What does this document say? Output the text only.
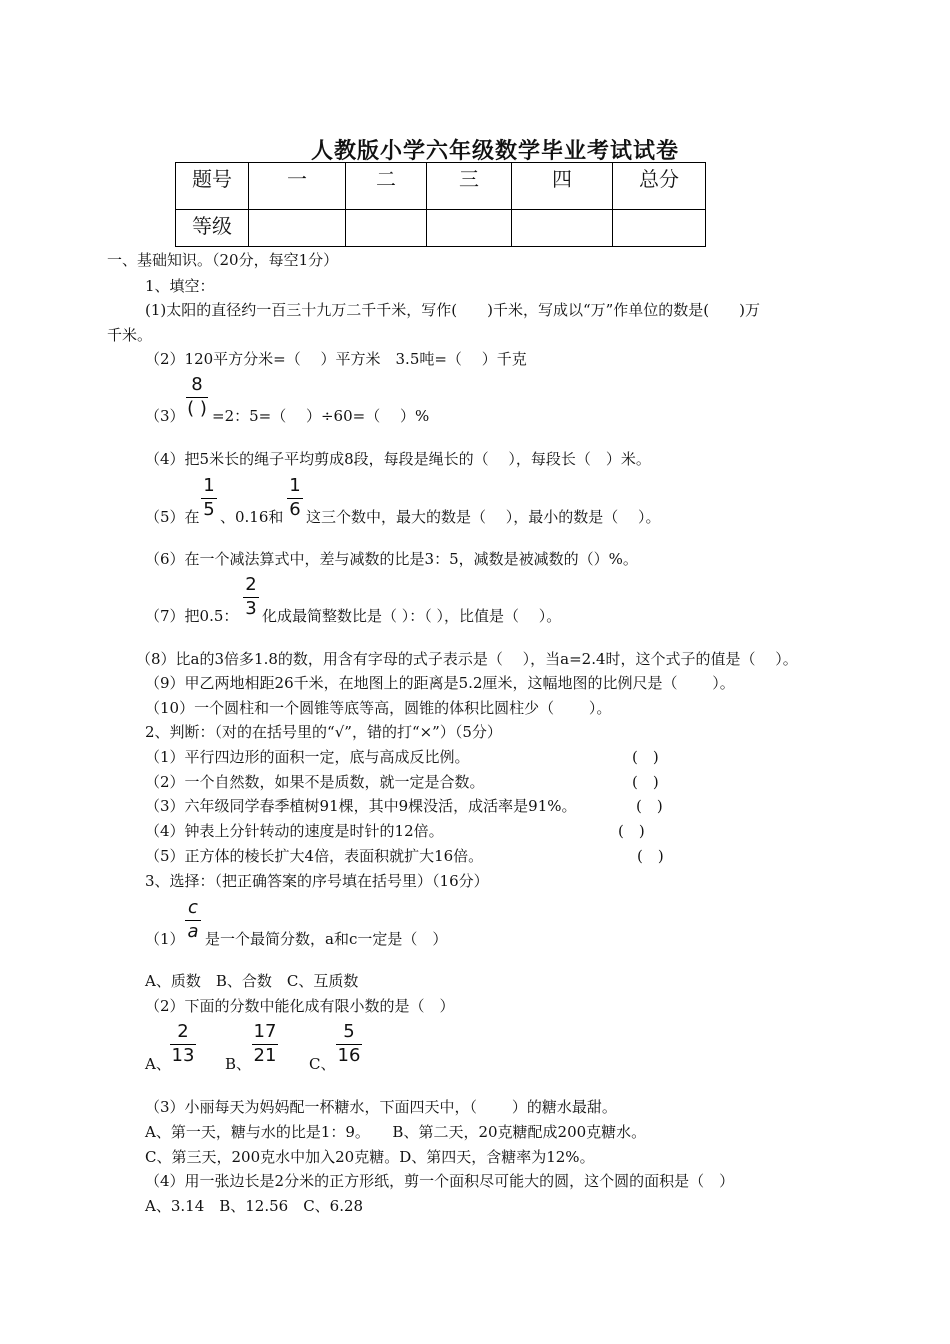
人教版小学六年级数学毕业考试试卷
题号	一	二	三	四	总分
等级					
一、基础知识。（20分，每空1分）
1、填空：
(1)太阳的直径约一百三十九万二千千米，写作(　　)千米，写成以“万”作单位的数是(　　)万
千米。
（2）120平方分米=（　 ）平方米　3.5吨=（　 ）千克
（3）
8
( ) =2：5=（　 ）÷60=（　 ）%
（4）把5米长的绳子平均剪成8段，每段是绳长的（　 ），每段长（　）米。
（5）在
1
5 、0.16和
1
6 这三个数中，最大的数是（　 ），最小的数是（　 ）。
（6）在一个减法算式中，差与减数的比是3：5，减数是被减数的（）%。
（7）把0.5：
2
3 化成最简整数比是（ ）：（ ），比值是（　 ）。
（8）比a的3倍多1.8的数，用含有字母的式子表示是（　 ），当a=2.4时，这个式子的值是（　 ）。
（9）甲乙两地相距26千米，在地图上的距离是5.2厘米，这幅地图的比例尺是（　　 ）。
（10）一个圆柱和一个圆锥等底等高，圆锥的体积比圆柱少（　　 ）。
2、判断：（对的在括号里的“√”，错的打“×”）（5分）
（1）平行四边形的面积一定，底与高成反比例。	(　)
（2）一个自然数，如果不是质数，就一定是合数。	(　)
（3）六年级同学春季植树91棵，其中9棵没活，成活率是91%。	(　)
（4）钟表上分针转动的速度是时针的12倍。	(　)
（5）正方体的棱长扩大4倍，表面积就扩大16倍。	(　)
3、选择：（把正确答案的序号填在括号里）（16分）
（1）
c
a 是一个最简分数，a和c一定是（　）
A、质数　B、合数　C、互质数
（2）下面的分数中能化成有限小数的是（　）
A、
2
13 B、
17
21 C、
5
16
（3）小丽每天为妈妈配一杯糖水，下面四天中，（　　 ）的糖水最甜。
A、第一天，糖与水的比是1：9。　　B、第二天，20克糖配成200克糖水。
C、第三天，200克水中加入20克糖。D、第四天，含糖率为12%。
（4）用一张边长是2分米的正方形纸，剪一个面积尽可能大的圆，这个圆的面积是（　）
A、3.14　B、12.56　C、6.28
